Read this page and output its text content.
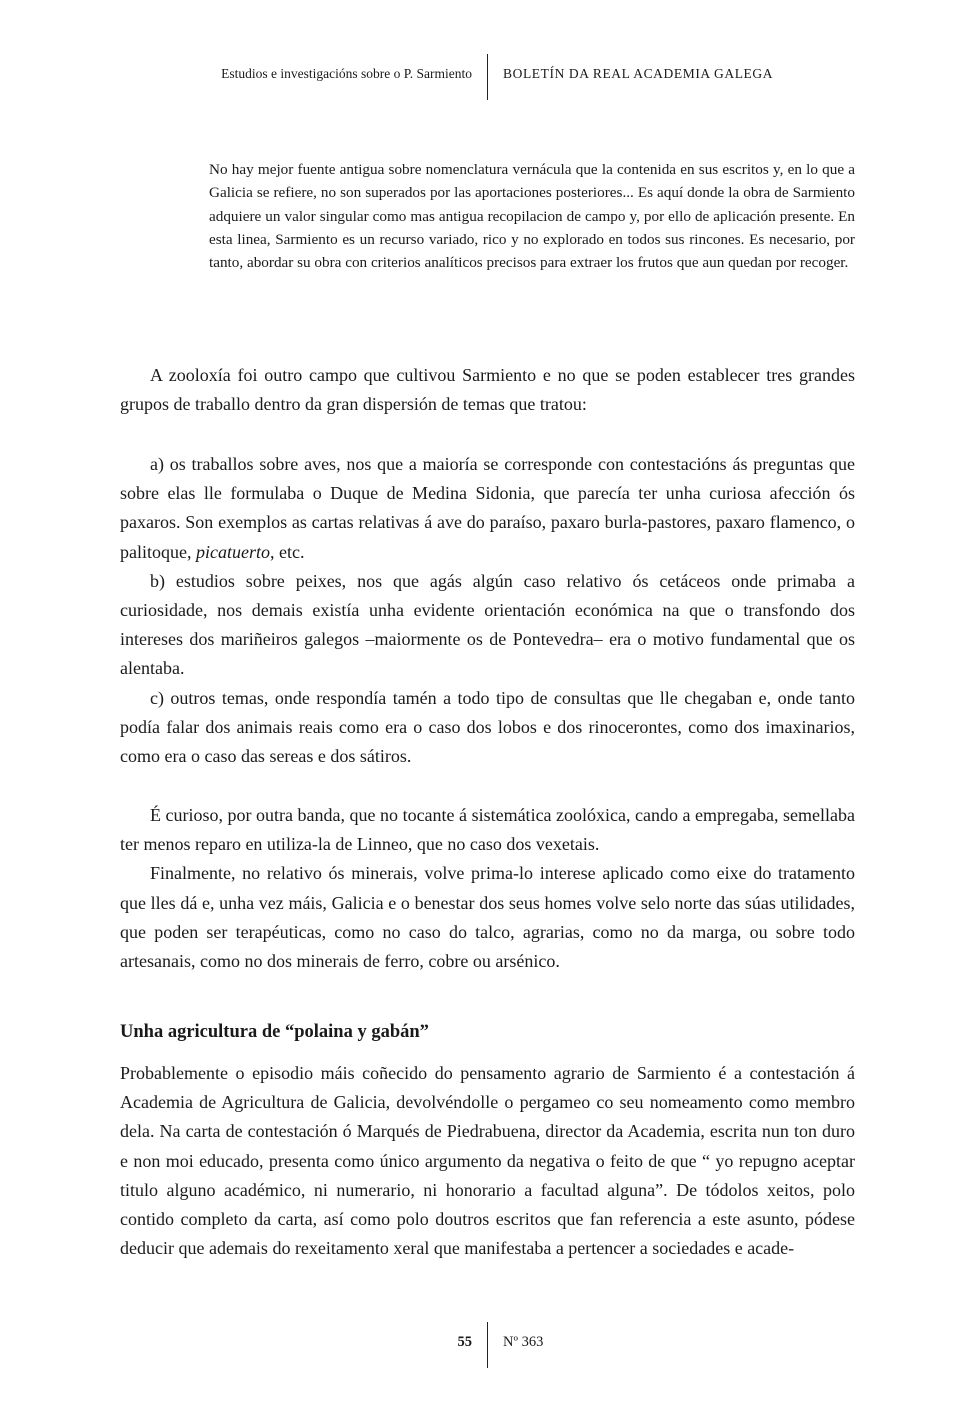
Estudios e investigacións sobre o P. Sarmiento BOLETÍN DA REAL ACADEMIA GALEGA

No hay mejor fuente antigua sobre nomenclatura vernácula que la contenida en sus escritos y, en lo que a Galicia se refiere, no son superados por las aportaciones posteriores... Es aquí donde la obra de Sarmiento adquiere un valor singular como mas antigua recopilacion de campo y, por ello de aplicación presente. En esta linea, Sarmiento es un recurso variado, rico y no explorado en todos sus rincones. Es necesario, por tanto, abordar su obra con criterios analíticos precisos para extraer los frutos que aun quedan por recoger.

A zooloxía foi outro campo que cultivou Sarmiento e no que se poden establecer tres grandes grupos de traballo dentro da gran dispersión de temas que tratou:

a) os traballos sobre aves, nos que a maioría se corresponde con contestacións ás preguntas que sobre elas lle formulaba o Duque de Medina Sidonia, que parecía ter unha curiosa afección ós paxaros. Son exemplos as cartas relativas á ave do paraíso, paxaro burla-pastores, paxaro flamenco, o palitoque, picatuerto, etc.

b) estudios sobre peixes, nos que agás algún caso relativo ós cetáceos onde primaba a curiosidade, nos demais existía unha evidente orientación económica na que o transfondo dos intereses dos mariñeiros galegos –maiormente os de Pontevedra– era o motivo fundamental que os alentaba.

c) outros temas, onde respondía tamén a todo tipo de consultas que lle chegaban e, onde tanto podía falar dos animais reais como era o caso dos lobos e dos rinocerontes, como dos imaxinarios, como era o caso das sereas e dos sátiros.

É curioso, por outra banda, que no tocante á sistemática zoolóxica, cando a empregaba, semellaba ter menos reparo en utiliza-la de Linneo, que no caso dos vexetais.

Finalmente, no relativo ós minerais, volve prima-lo interese aplicado como eixe do tratamento que lles dá e, unha vez máis, Galicia e o benestar dos seus homes volve selo norte das súas utilidades, que poden ser terapéuticas, como no caso do talco, agrarias, como no da marga, ou sobre todo artesanais, como no dos minerais de ferro, cobre ou arsénico.

Unha agricultura de “polaina y gabán”

Probablemente o episodio máis coñecido do pensamento agrario de Sarmiento é a contestación á Academia de Agricultura de Galicia, devolvéndolle o pergameo co seu nomeamento como membro dela. Na carta de contestación ó Marqués de Piedrabuena, director da Academia, escrita nun ton duro e non moi educado, presenta como único argumento da negativa o feito de que “ yo repugno aceptar titulo alguno académico, ni numerario, ni honorario a facultad alguna”. De tódolos xeitos, polo contido completo da carta, así como polo doutros escritos que fan referencia a este asunto, pódese deducir que ademais do rexeitamento xeral que manifestaba a pertencer a sociedades e acade-

55 Nº 363
